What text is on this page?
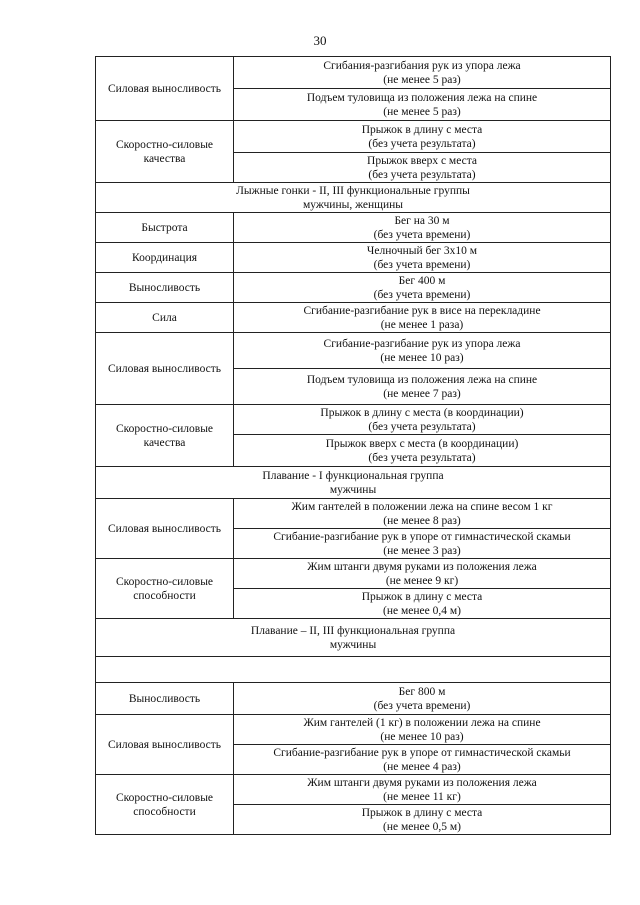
30
Силовая выносливость	Сгибания-разгибания рук из упора лежа
(не менее 5 раз)

	Подъем туловища из положения лежа на спине
(не менее 5 раз)

Скоростно-силовые
качества	Прыжок в длину с места
(без учета результата)

	Прыжок вверх с места
(без учета результата)

Лыжные гонки - II, III функциональные группы
мужчины, женщины	

Быстрота	Бег на 30 м
(без учета времени)

Координация	Челночный бег 3х10 м
(без учета времени)

Выносливость	Бег 400 м
(без учета времени)

Сила	Сгибание-разгибание рук в висе на перекладине
(не менее 1 раза)

Силовая выносливость	Сгибание-разгибание рук из упора лежа
(не менее 10 раз)

	Подъем туловища из положения лежа на спине
(не менее 7 раз)

Скоростно-силовые
качества	Прыжок в длину с места (в координации)
(без учета результата)

	Прыжок вверх с места (в координации)
(без учета результата)

Плавание - I функциональная группа
мужчины	

Силовая выносливость	Жим гантелей в положении лежа на спине весом 1 кг
(не менее 8 раз)

	Сгибание-разгибание рук в упоре от гимнастической скамьи
(не менее 3 раз)

Скоростно-силовые
способности	Жим штанги двумя руками из положения лежа
(не менее 9 кг)

	Прыжок в длину с места
(не менее 0,4 м)

Плавание – II, III функциональная группа
мужчины	

Выносливость	Бег 800 м
(без учета времени)

Силовая выносливость	Жим гантелей (1 кг) в положении лежа на спине
(не менее 10 раз)

	Сгибание-разгибание рук в упоре от гимнастической скамьи
(не менее 4 раз)

Скоростно-силовые
способности	Жим штанги двумя руками из положения лежа
(не менее 11 кг)

	Прыжок в длину с места
(не менее 0,5 м)
